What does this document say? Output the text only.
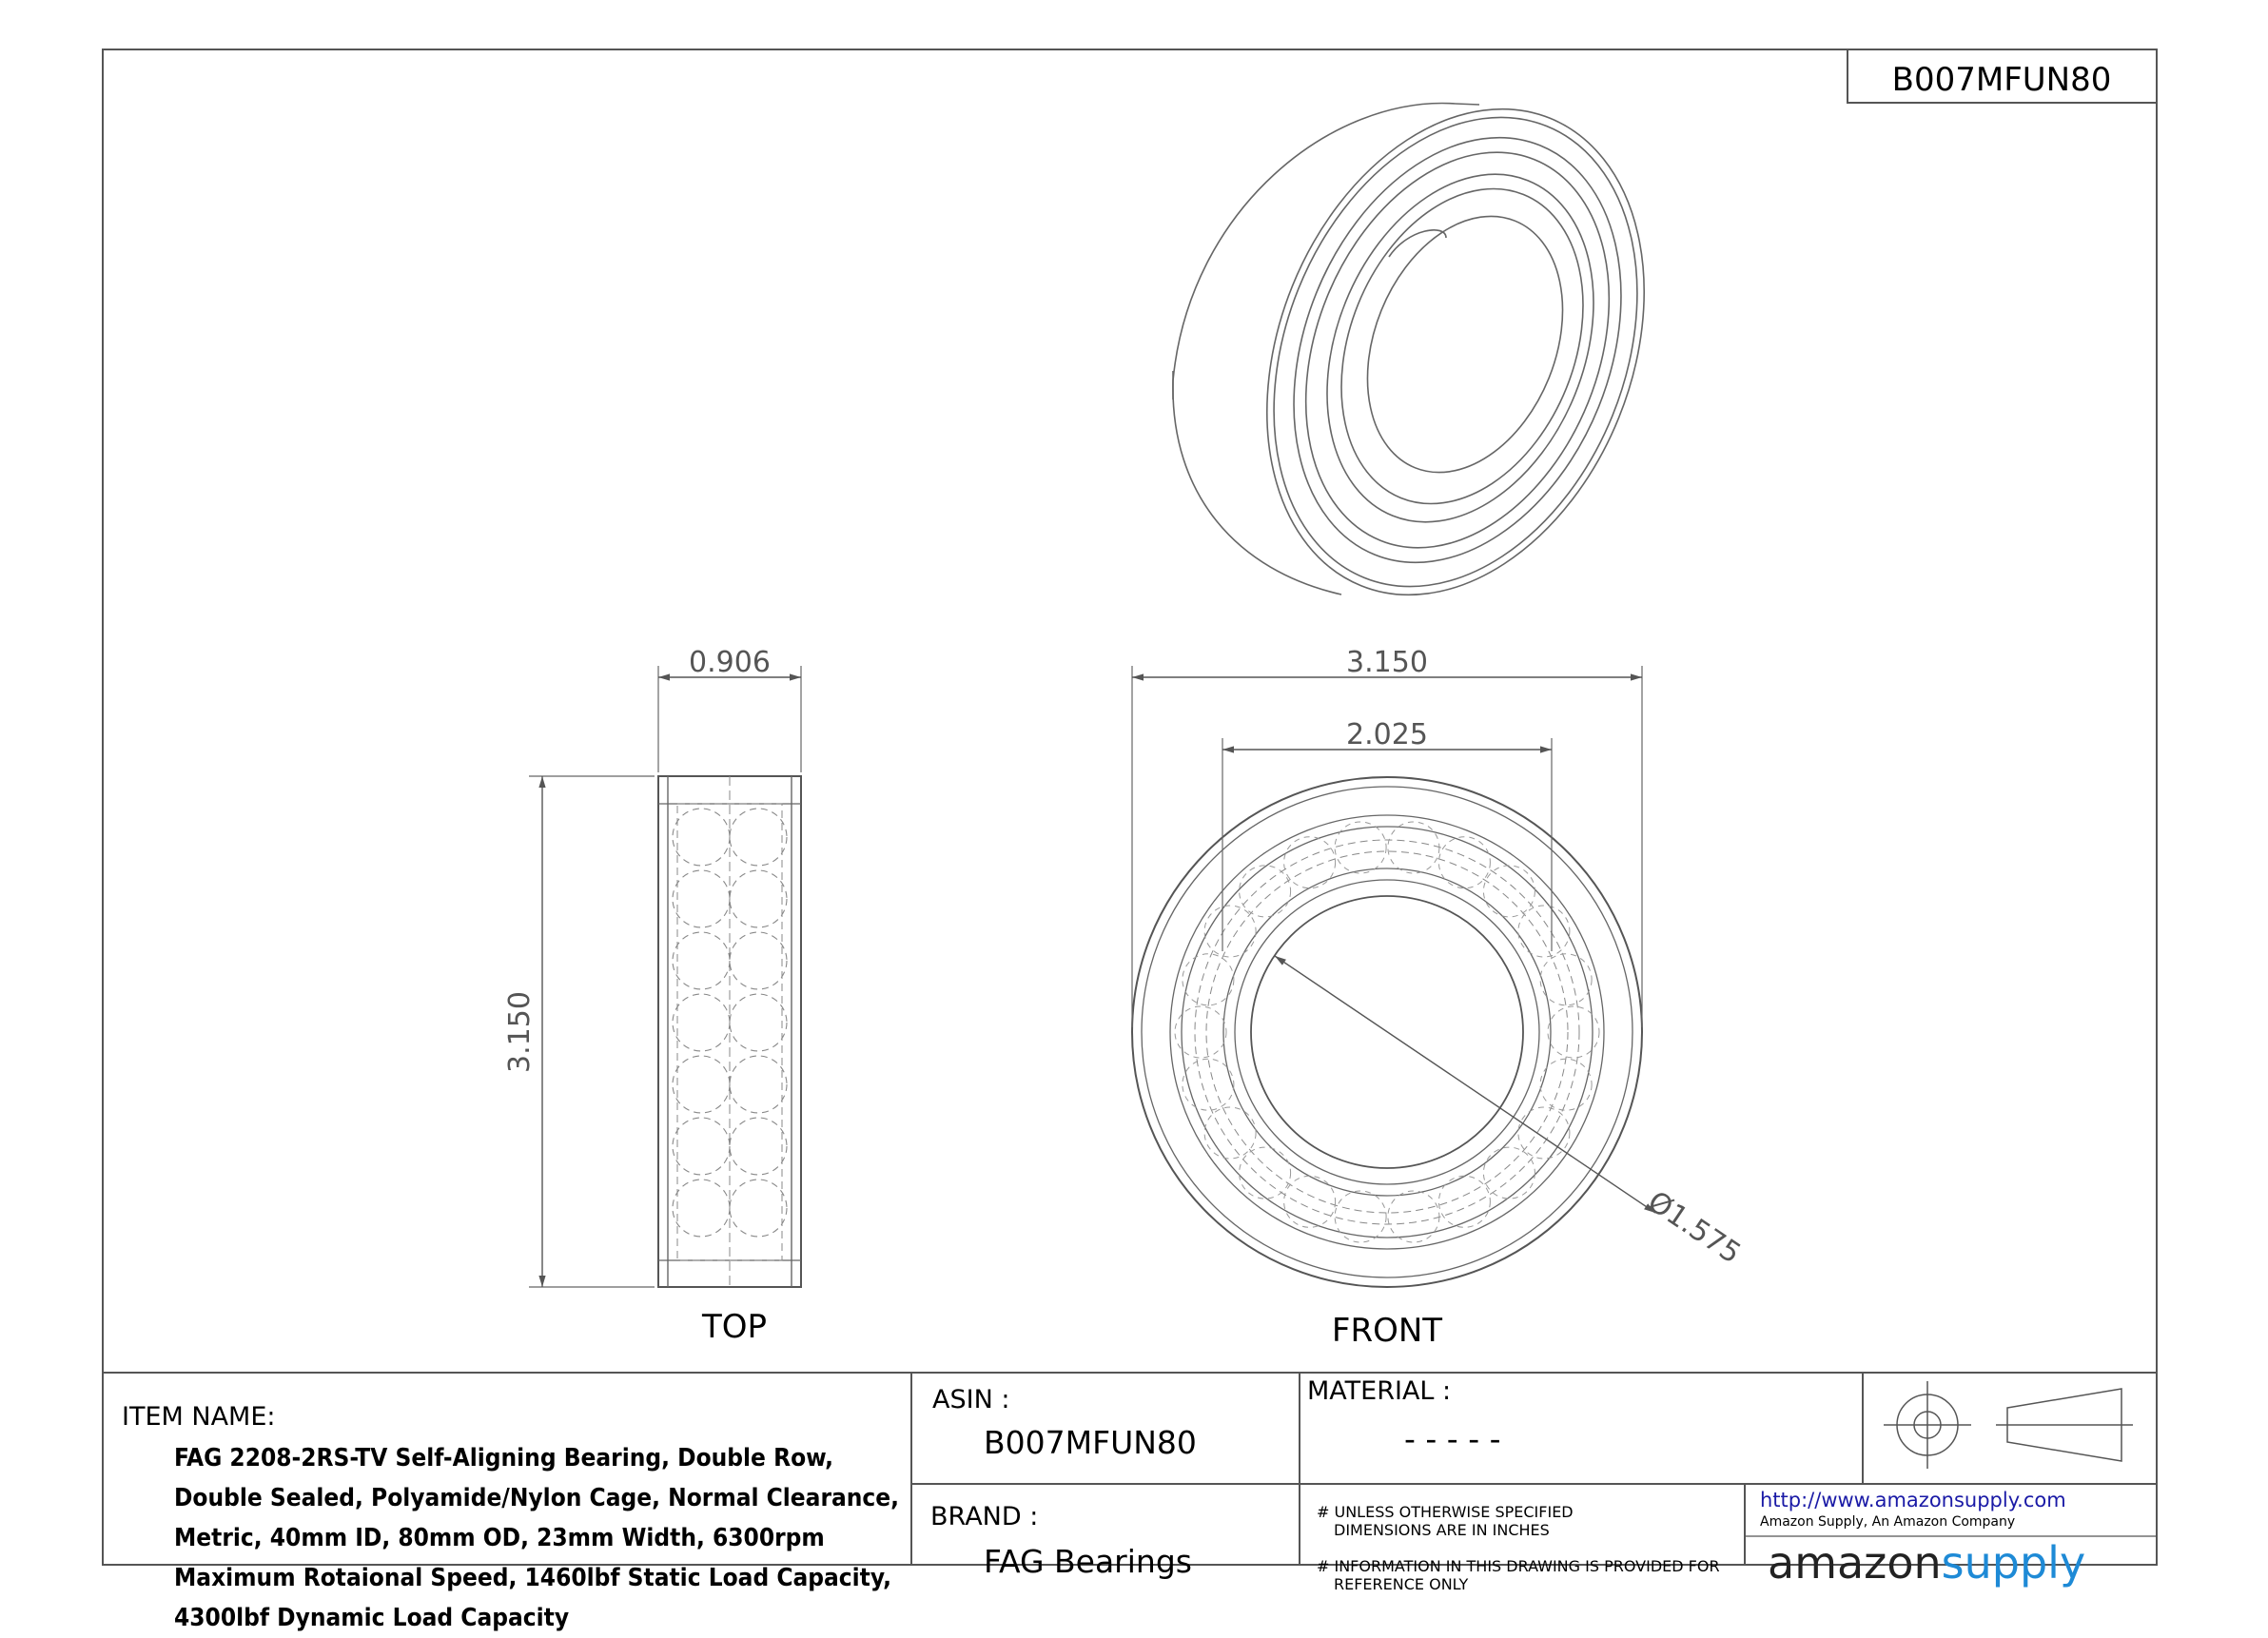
B007MFUN80
0.906
3.150
TOP
3.150
2.025
Ø1.575
FRONT
ITEM NAME:
FAG 2208-2RS-TV Self-Aligning Bearing, Double Row, Double Sealed, Polyamide/Nylon Cage, Normal Clearance, Metric, 40mm ID, 80mm OD, 23mm Width, 6300rpm Maximum Rotaional Speed, 1460lbf Static Load Capacity, 4300lbf Dynamic Load Capacity
ASIN :
B007MFUN80
BRAND :
FAG Bearings
MATERIAL :
- - - - -
# UNLESS OTHERWISE SPECIFIED
DIMENSIONS ARE IN INCHES
# INFORMATION IN THIS DRAWING IS PROVIDED FOR
REFERENCE ONLY
http://www.amazonsupply.com
Amazon Supply, An Amazon Company
amazonsupply
